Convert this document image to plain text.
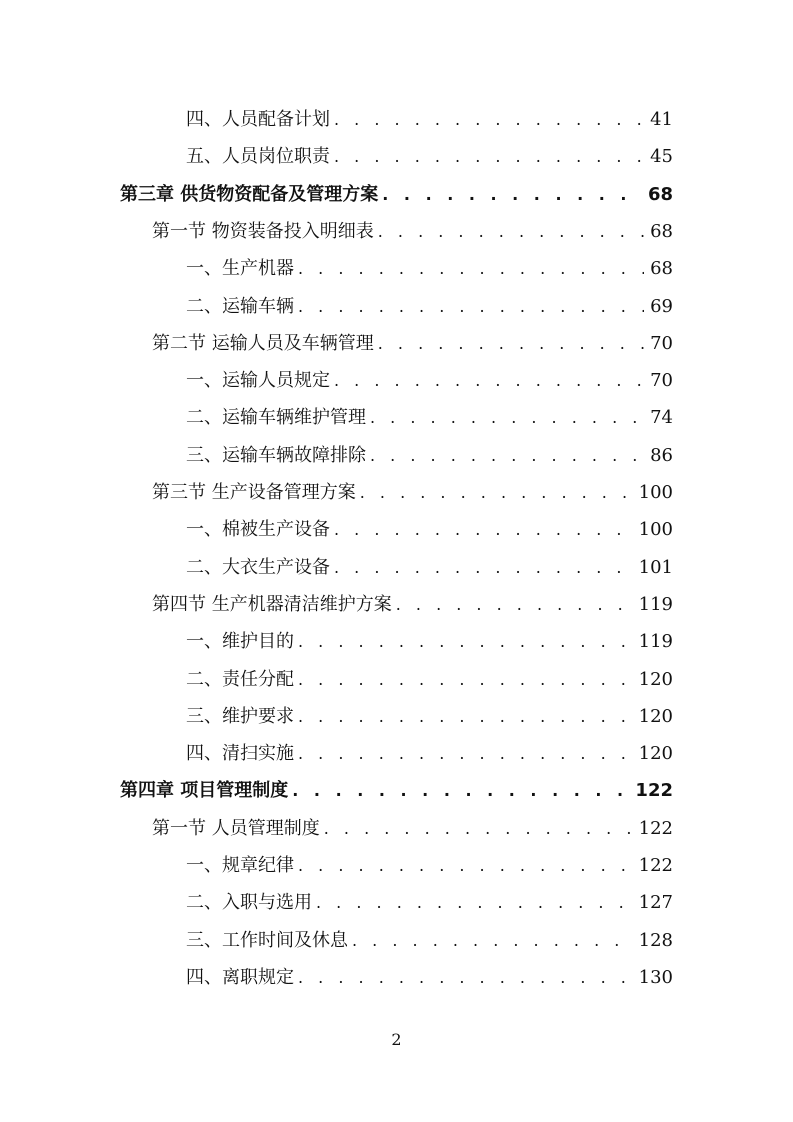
四、人员配备计划 . . .	41
五、人员岗位职责 . . .	45
第三章 供货物资配备及管理方案 . . .	68
第一节 物资装备投入明细表 . . .	68
一、生产机器 . . .	68
二、运输车辆 . . .	69
第二节 运输人员及车辆管理 . . .	70
一、运输人员规定 . . .	70
二、运输车辆维护管理 . . .	74
三、运输车辆故障排除 . . .	86
第三节 生产设备管理方案 . . .	100
一、棉被生产设备 . . .	100
二、大衣生产设备 . . .	101
第四节 生产机器清洁维护方案 . . .	119
一、维护目的 . . .	119
二、责任分配 . . .	120
三、维护要求 . . .	120
四、清扫实施 . . .	120
第四章 项目管理制度 . . .	122
第一节 人员管理制度 . . .	122
一、规章纪律 . . .	122
二、入职与选用 . . .	127
三、工作时间及休息 . . .	128
四、离职规定 . . .	130
2
